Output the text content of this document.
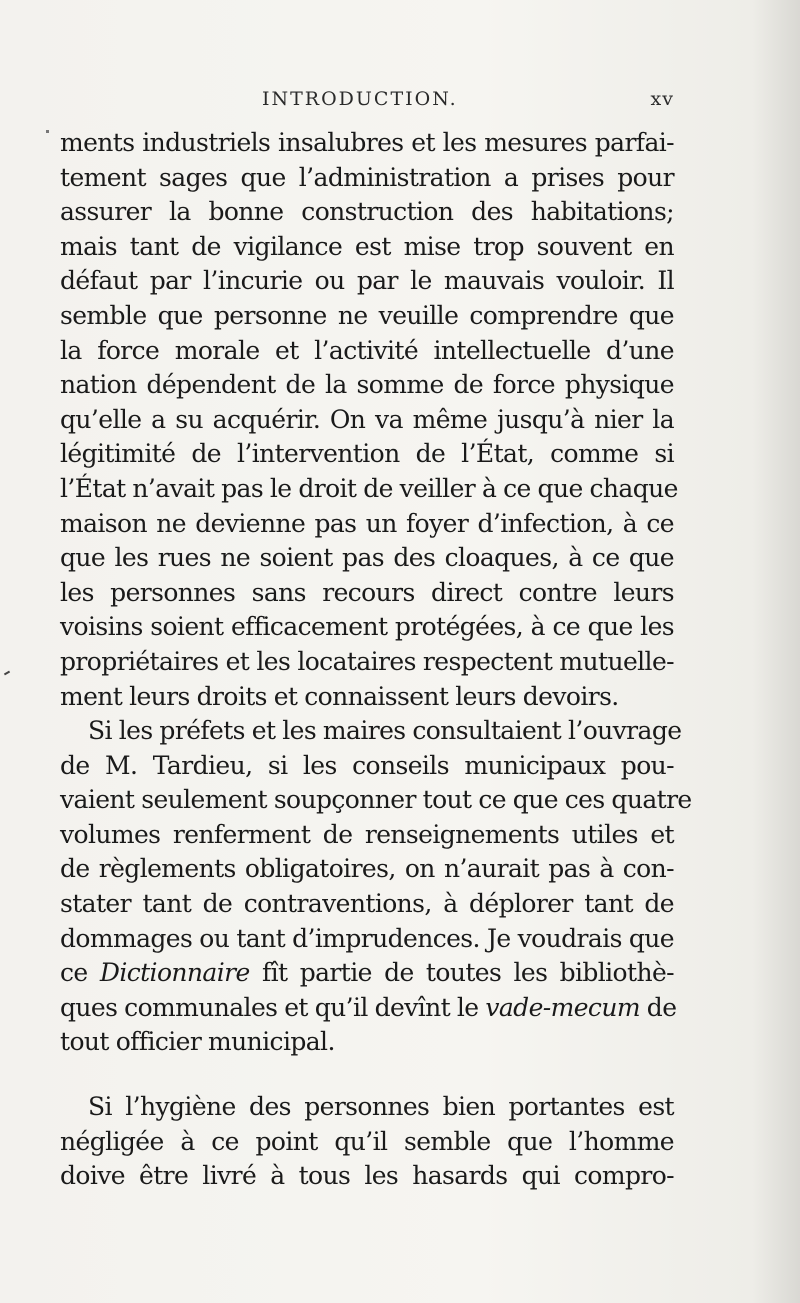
INTRODUCTION.	xv
ments industriels insalubres et les mesures parfai-
tement sages que l’administration a prises pour
assurer la bonne construction des habitations;
mais tant de vigilance est mise trop souvent en
défaut par l’incurie ou par le mauvais vouloir. Il
semble que personne ne veuille comprendre que
la force morale et l’activité intellectuelle d’une
nation dépendent de la somme de force physique
qu’elle a su acquérir. On va même jusqu’à nier la
légitimité de l’intervention de l’État, comme si
l’État n’avait pas le droit de veiller à ce que chaque
maison ne devienne pas un foyer d’infection, à ce
que les rues ne soient pas des cloaques, à ce que
les personnes sans recours direct contre leurs
voisins soient efficacement protégées, à ce que les
propriétaires et les locataires respectent mutuelle-
ment leurs droits et connaissent leurs devoirs.
Si les préfets et les maires consultaient l’ouvrage
de M. Tardieu, si les conseils municipaux pou-
vaient seulement soupçonner tout ce que ces quatre
volumes renferment de renseignements utiles et
de règlements obligatoires, on n’aurait pas à con-
stater tant de contraventions, à déplorer tant de
dommages ou tant d’imprudences. Je voudrais que
ce Dictionnaire fît partie de toutes les bibliothè-
ques communales et qu’il devînt le vade-mecum de
tout officier municipal.
Si l’hygiène des personnes bien portantes est
négligée à ce point qu’il semble que l’homme
doive être livré à tous les hasards qui compro-
